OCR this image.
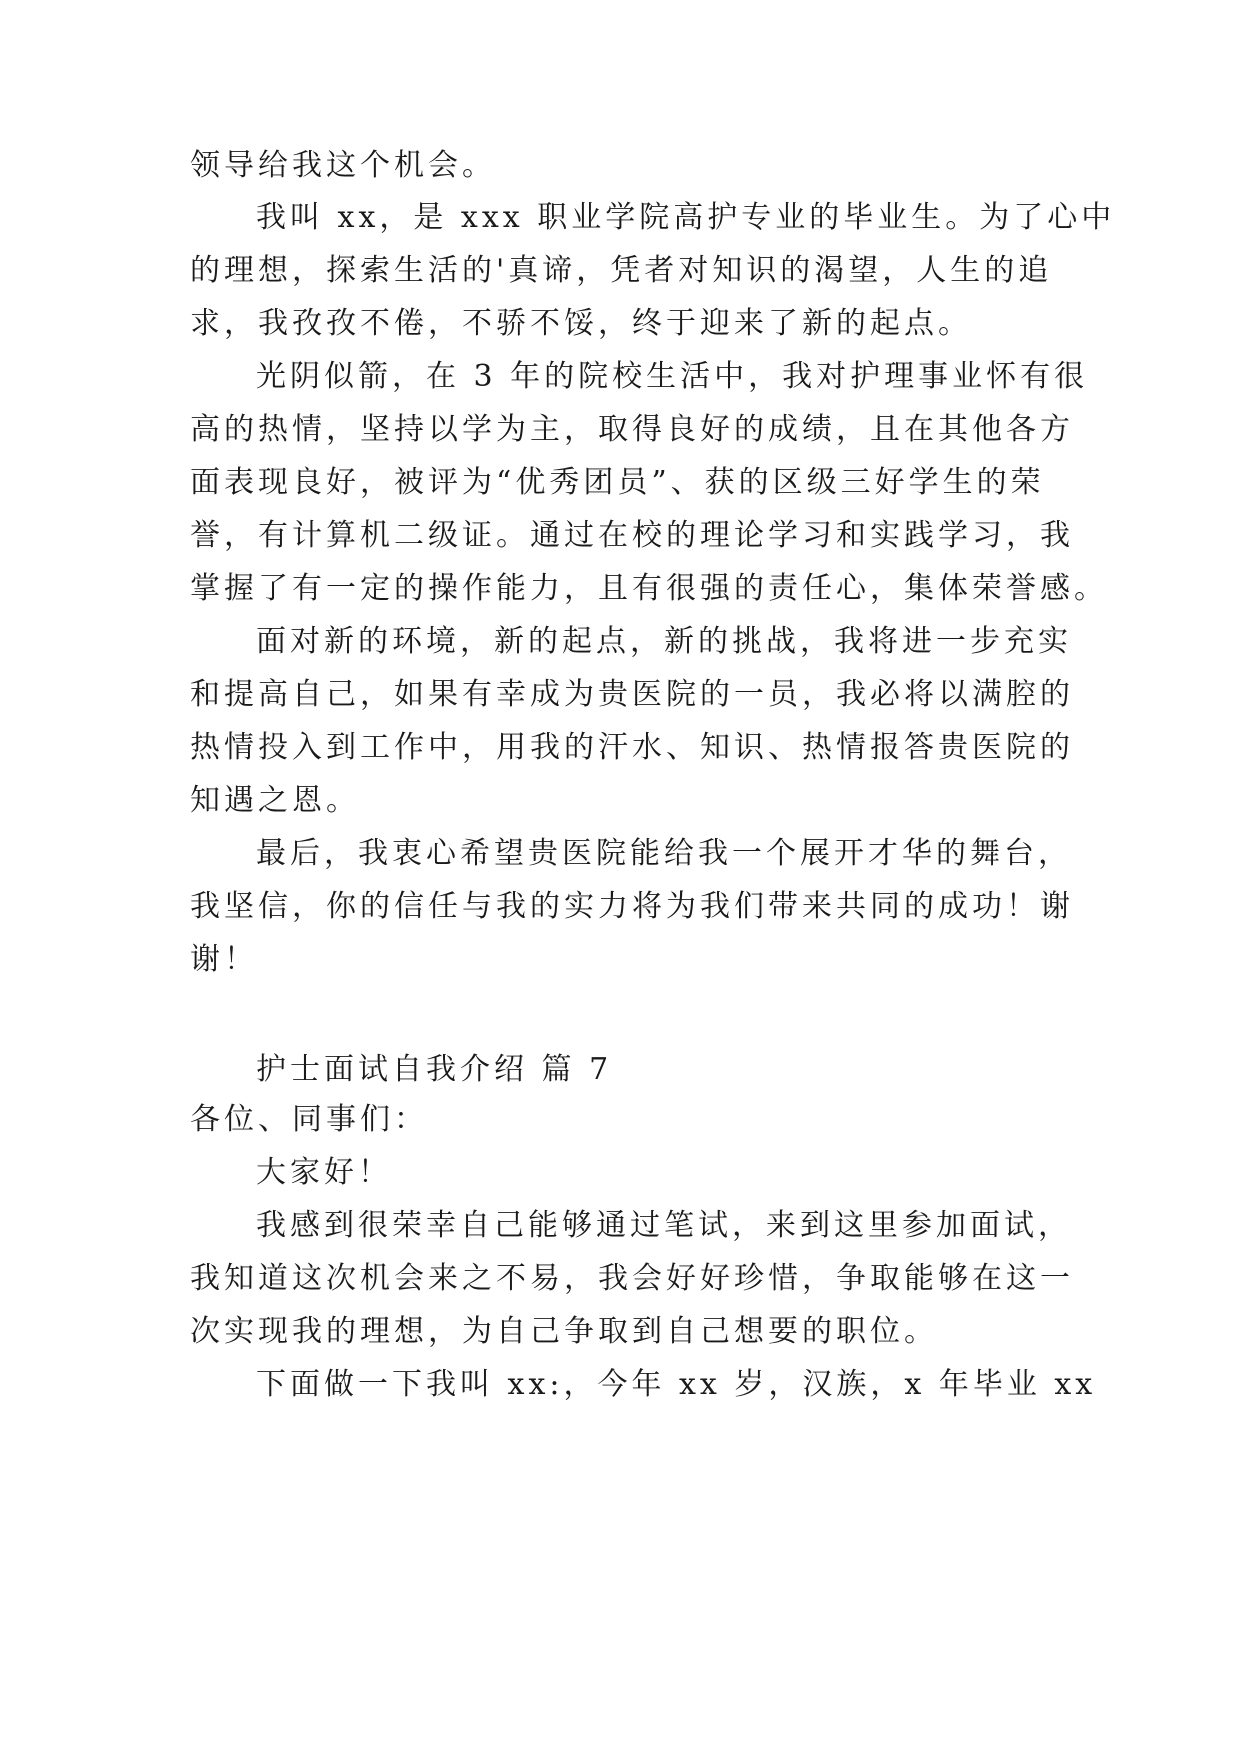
领导给我这个机会。
我叫 xx，是 xxx 职业学院高护专业的毕业生。为了心中
的理想，探索生活的'真谛，凭者对知识的渴望，人生的追
求，我孜孜不倦，不骄不馁，终于迎来了新的起点。
光阴似箭，在 3 年的院校生活中，我对护理事业怀有很
高的热情，坚持以学为主，取得良好的成绩，且在其他各方
面表现良好，被评为“优秀团员”、获的区级三好学生的荣
誉，有计算机二级证。通过在校的理论学习和实践学习，我
掌握了有一定的操作能力，且有很强的责任心，集体荣誉感。
面对新的环境，新的起点，新的挑战，我将进一步充实
和提高自己，如果有幸成为贵医院的一员，我必将以满腔的
热情投入到工作中，用我的汗水、知识、热情报答贵医院的
知遇之恩。
最后，我衷心希望贵医院能给我一个展开才华的舞台，
我坚信，你的信任与我的实力将为我们带来共同的成功！谢
谢！
护士面试自我介绍 篇 7
各位、同事们：
大家好！
我感到很荣幸自己能够通过笔试，来到这里参加面试，
我知道这次机会来之不易，我会好好珍惜，争取能够在这一
次实现我的理想，为自己争取到自己想要的职位。
下面做一下我叫 xx:，今年 xx 岁，汉族，x 年毕业 xx
